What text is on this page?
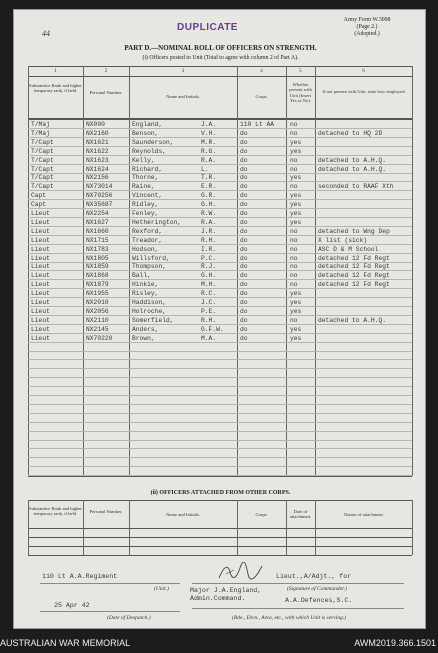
DUPLICATE
44
Army Form W.3008
(Page 2.)
(Adopted.)
PART D.—NOMINAL ROLL OF OFFICERS ON STRENGTH.
(i) Officers posted to Unit (Total to agree with column 2 of Part A).
1	2	3	4	5	6
Substantive Rank and higher temporary rank, if held.	Personal Number.
Name and Initials.	Corps.
Whether present with Unit (Insert Yes or No).
If not present with Unit, state how employed.
T/Maj	NX000	England,	J.A.	110 Lt AA	no
T/Maj	NX2160	Benson,	V.H.	do	no	detached to HQ 2D
T/Capt	NX1621	Saunderson,	M.R.	do	yes
T/Capt	NX1622	Reynolds,	R.G.	do	yes
T/Capt	NX1623	Kelly,	R.A.	do	no	detached to A.H.Q.
T/Capt	NX1624	Richard,	L.	do	no	detached to A.H.Q.
T/Capt	NX2156	Thorne,	T.R.	do	yes
T/Capt	NX73014	Raine,	E.R.	do	no	seconded to RAAF Xth
Capt	NX70256	Vincent,	G.R.	do	yes
Capt	NX35687	Ridley,	G.H.	do	yes
Lieut	NX2254	Fenley,	R.W.	do	yes
Lieut	NX1627	Hetherington,	R.A.	do	yes
Lieut	NX1660	Rexford,	J.R.	do	no	detached to Wng Dep
Lieut	NX1715	Treador,	R.H.	do	no	X list (sick)
Lieut	NX1783	Hodson,	I.R.	do	no	ASC D & M School
Lieut	NX1805	Willsford,	P.C.	do	no	detached 12 Fd Regt
Lieut	NX1859	Thompson,	R.J.	do	no	detached 12 Fd Regt
Lieut	NX1868	Ball,	G.H.	do	no	detached 12 Fd Regt
Lieut	NX1879	Hinkie,	M.H.	do	no	detached 12 Fd Regt
Lieut	NX1955	Risley,	R.C.	do	yes
Lieut	NX2010	Haddison,	J.C.	do	yes
Lieut	NX2056	Holroche,	P.E.	do	yes
Lieut	NX2110	Somerfield,	R.H.	do	no	detached to A.H.Q.
Lieut	NX2145	Anders,	G.F.W.	do	yes
Lieut	NX70220	Brown,	M.A.	do	yes
(ii) OFFICERS ATTACHED FROM OTHER CORPS.
Substantive Rank and higher temporary rank, if held.	Personal Number.
Name and Initials.	Corps.
Date of attachment.	Nature of attachment.
110 Lt A.A.Regiment
(Unit.)
Lieut.,A/Adjt., for
(Signature of Commander.)
Major J.A.England,
Admin.Command.	A.A.Defences,S.C.
25 Apr 42
(Date of Despatch.)	(Bde., Divn., Area, etc., with which Unit is serving.)
AUSTRALIAN WAR MEMORIAL	AWM2019.366.1501
